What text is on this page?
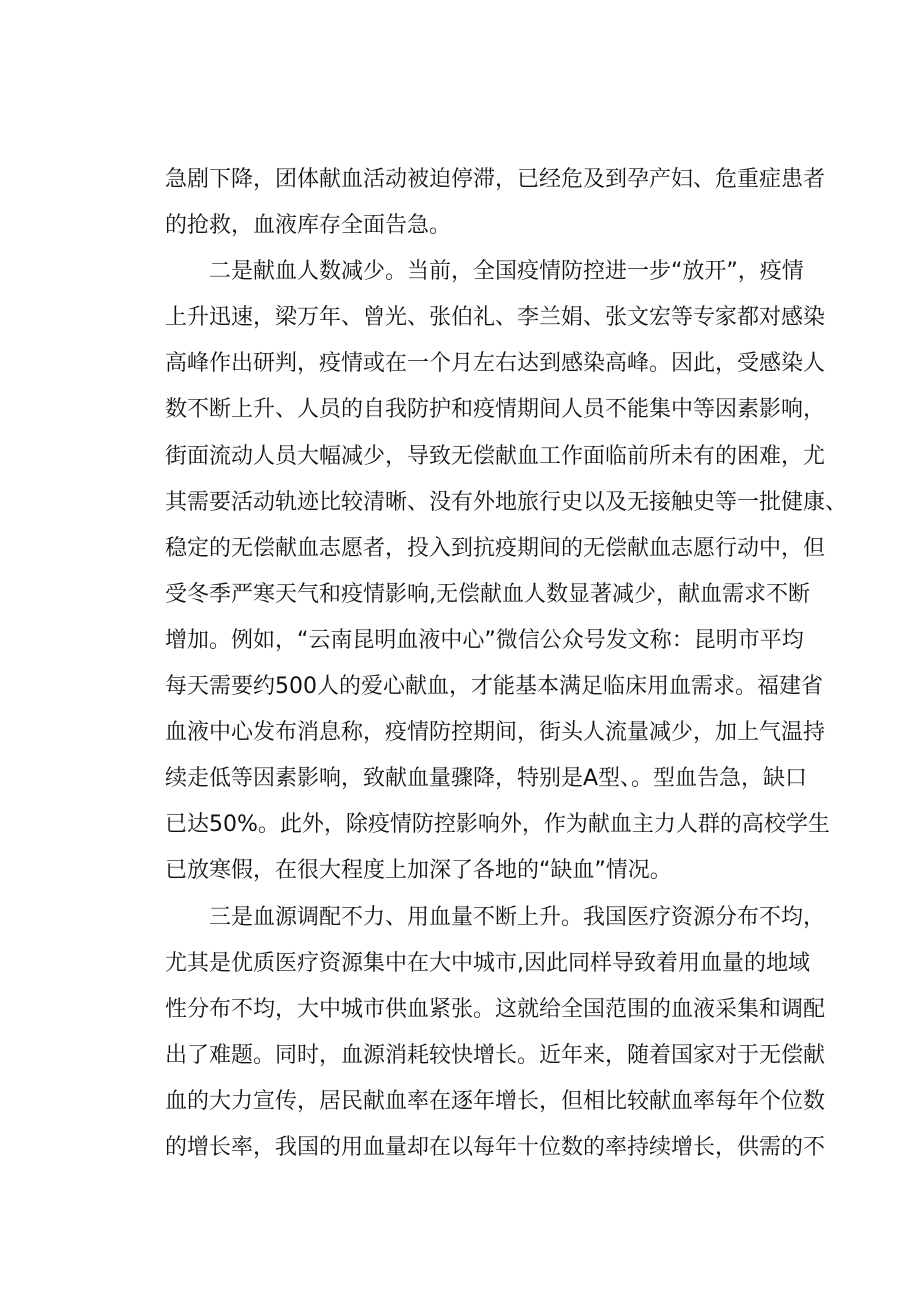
急剧下降，团体献血活动被迫停滞，已经危及到孕产妇、危重症患者
的抢救，血液库存全面告急。
二是献血人数减少。当前，全国疫情防控进一步“放开”，疫情
上升迅速，梁万年、曾光、张伯礼、李兰娟、张文宏等专家都对感染
高峰作出研判，疫情或在一个月左右达到感染高峰。因此，受感染人
数不断上升、人员的自我防护和疫情期间人员不能集中等因素影响，
街面流动人员大幅减少，导致无偿献血工作面临前所未有的困难，尤
其需要活动轨迹比较清晰、没有外地旅行史以及无接触史等一批健康、
稳定的无偿献血志愿者，投入到抗疫期间的无偿献血志愿行动中，但
受冬季严寒天气和疫情影响,无偿献血人数显著减少，献血需求不断
增加。例如，“云南昆明血液中心”微信公众号发文称：昆明市平均
每天需要约500人的爱心献血，才能基本满足临床用血需求。福建省
血液中心发布消息称，疫情防控期间，街头人流量减少，加上气温持
续走低等因素影响，致献血量骤降，特别是A型、。型血告急，缺口
已达50%。此外，除疫情防控影响外，作为献血主力人群的高校学生
已放寒假，在很大程度上加深了各地的“缺血”情况。
三是血源调配不力、用血量不断上升。我国医疗资源分布不均，
尤其是优质医疗资源集中在大中城市,因此同样导致着用血量的地域
性分布不均，大中城市供血紧张。这就给全国范围的血液采集和调配
出了难题。同时，血源消耗较快增长。近年来，随着国家对于无偿献
血的大力宣传，居民献血率在逐年增长，但相比较献血率每年个位数
的增长率，我国的用血量却在以每年十位数的率持续增长，供需的不
